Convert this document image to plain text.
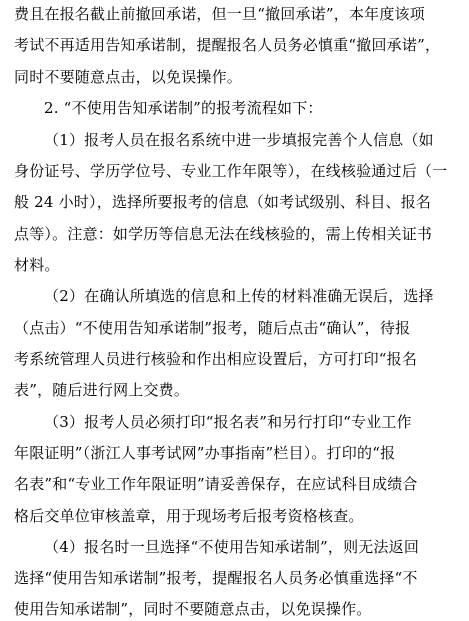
费且在报名截止前撤回承诺，但一旦“撤回承诺”，本年度该项
考试不再适用告知承诺制，提醒报名人员务必慎重“撤回承诺”，
同时不要随意点击，以免误操作。
2. “不使用告知承诺制”的报考流程如下：
（1）报考人员在报名系统中进一步填报完善个人信息（如
身份证号、学历学位号、专业工作年限等），在线核验通过后（一
般 24 小时），选择所要报考的信息（如考试级别、科目、报名
点等）。注意：如学历等信息无法在线核验的，需上传相关证书
材料。
（2）在确认所填选的信息和上传的材料准确无误后，选择
（点击）“不使用告知承诺制”报考，随后点击“确认”，待报
考系统管理人员进行核验和作出相应设置后，方可打印“报名
表”，随后进行网上交费。
（3）报考人员必须打印“报名表”和另行打印“专业工作
年限证明”（浙江人事考试网”办事指南”栏目）。打印的“报
名表”和“专业工作年限证明”请妥善保存，在应试科目成绩合
格后交单位审核盖章，用于现场考后报考资格核查。
（4）报名时一旦选择“不使用告知承诺制”，则无法返回
选择“使用告知承诺制”报考，提醒报名人员务必慎重选择“不
使用告知承诺制”，同时不要随意点击，以免误操作。
